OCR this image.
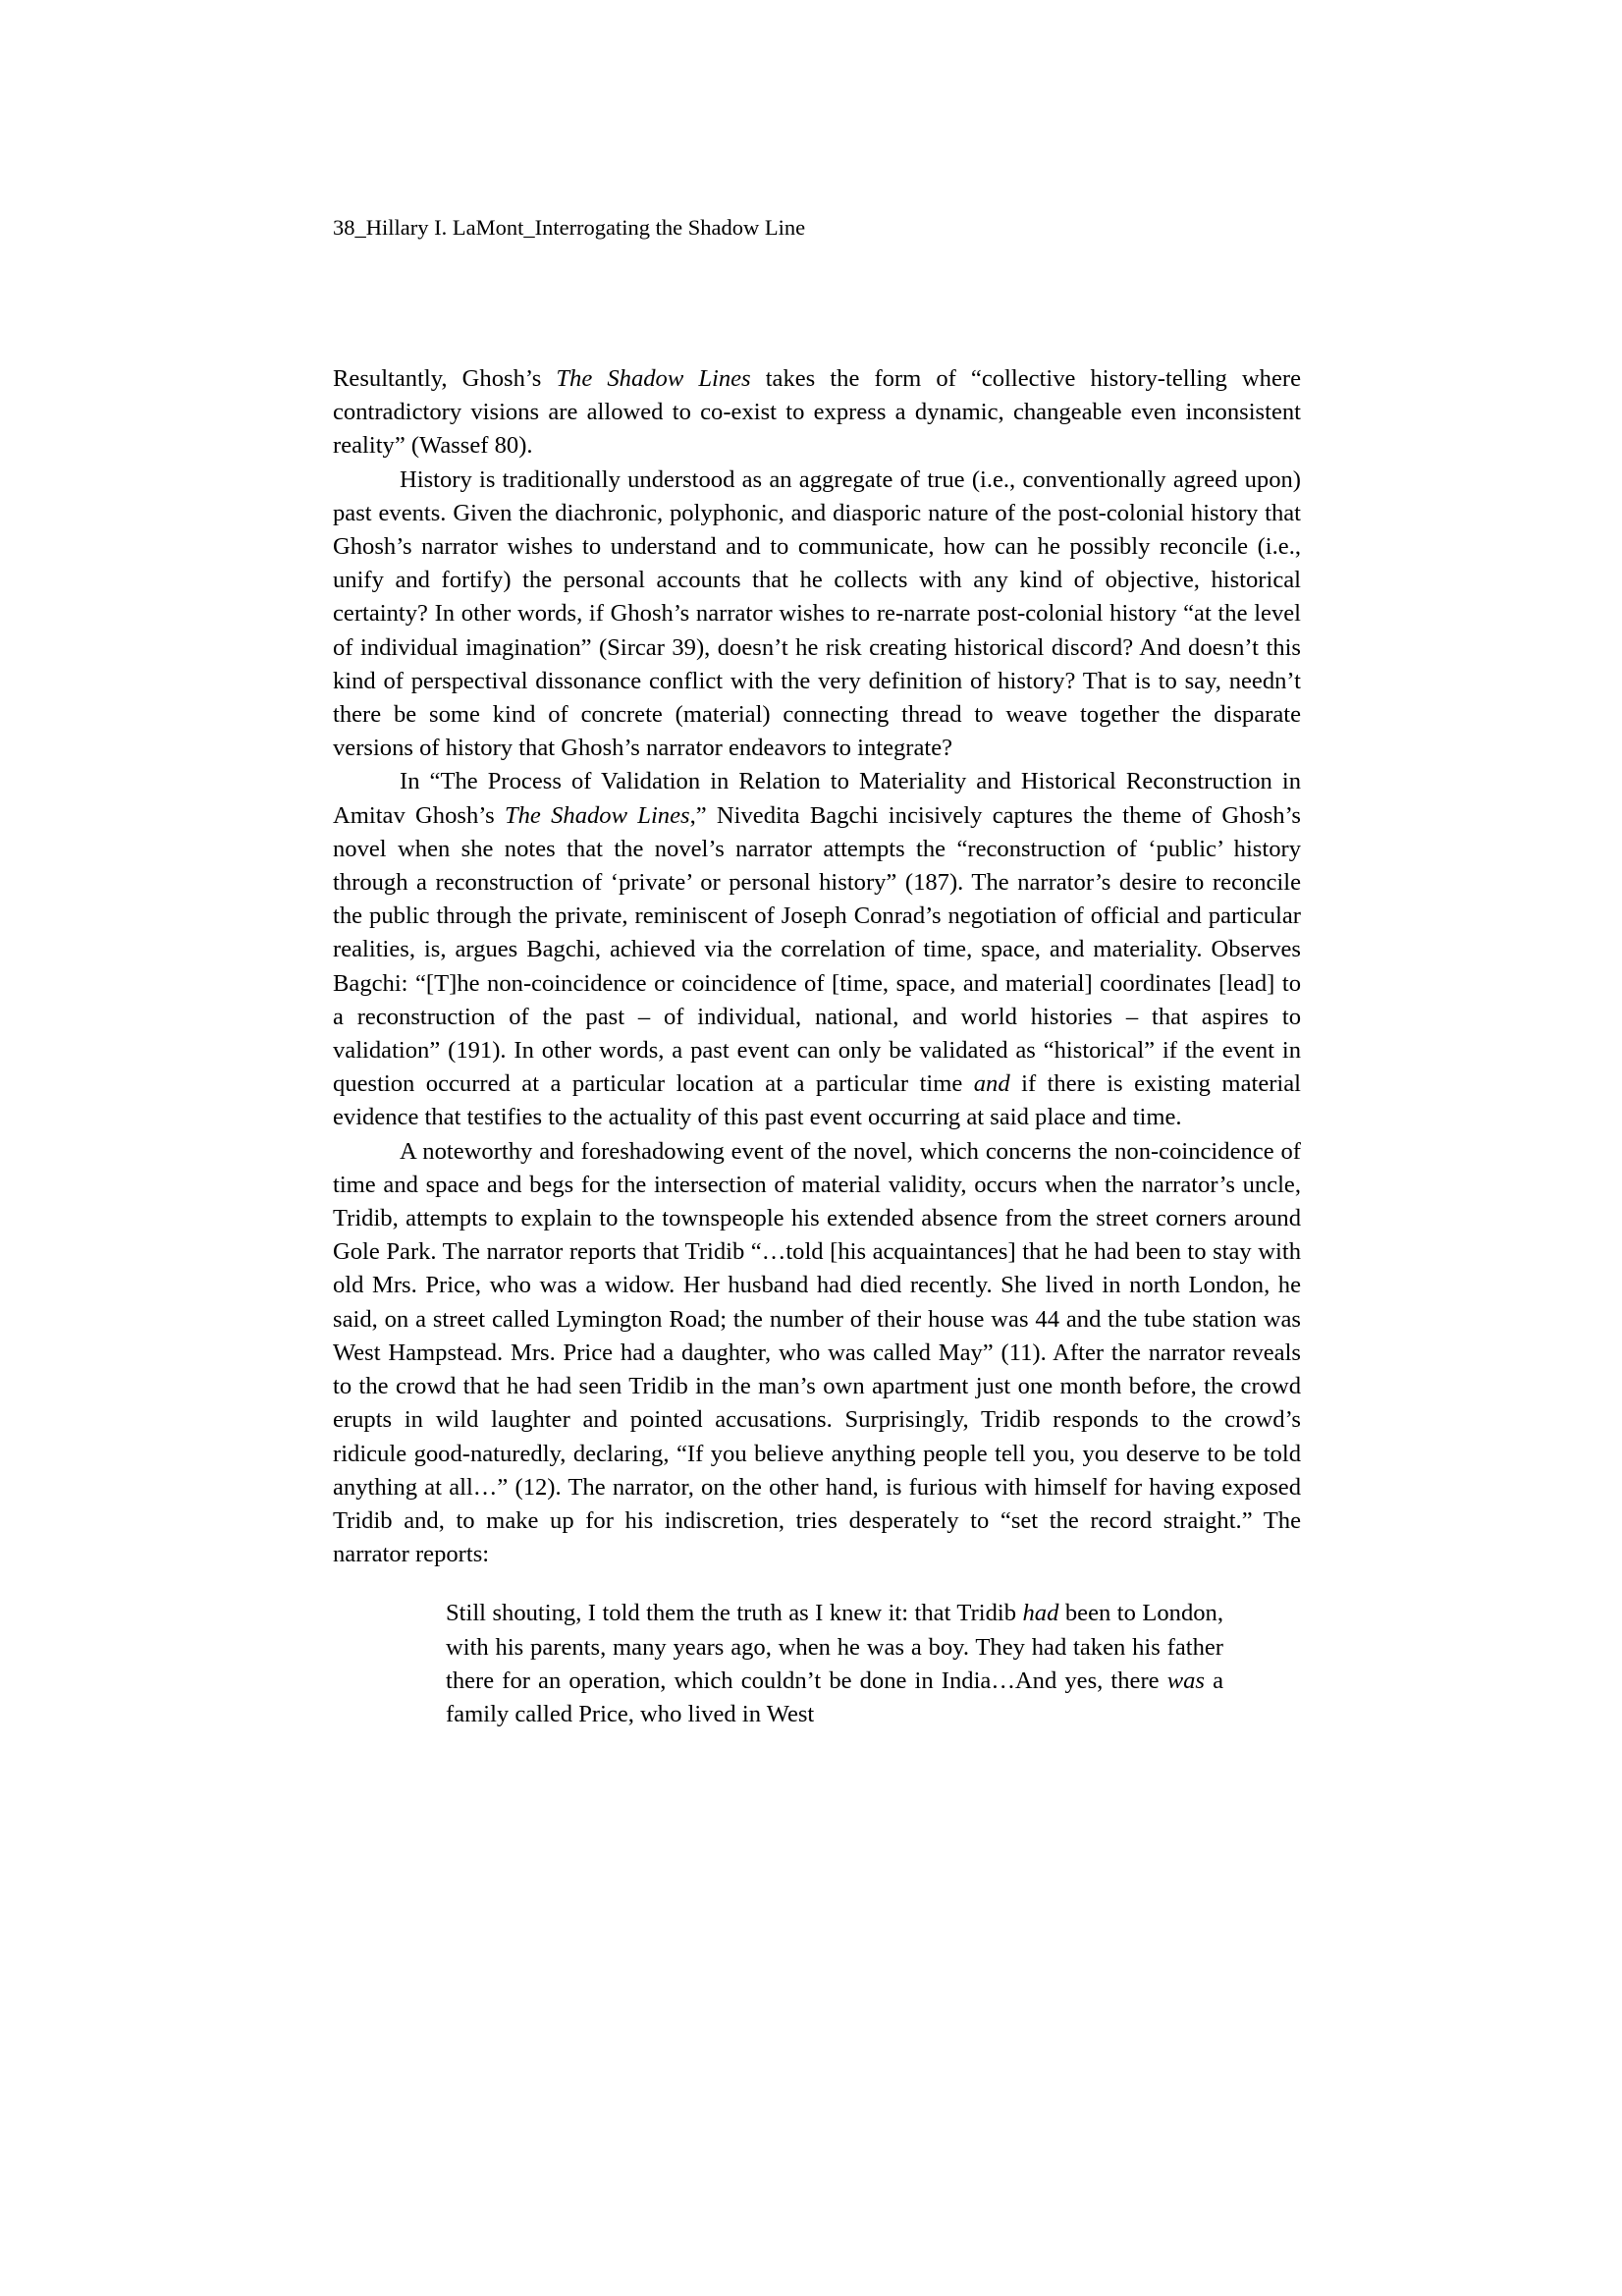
38_Hillary I. LaMont_Interrogating the Shadow Line

Resultantly, Ghosh’s The Shadow Lines takes the form of “collective history-telling where contradictory visions are allowed to co-exist to express a dynamic, changeable even inconsistent reality” (Wassef 80).

History is traditionally understood as an aggregate of true (i.e., conventionally agreed upon) past events. Given the diachronic, polyphonic, and diasporic nature of the post-colonial history that Ghosh’s narrator wishes to understand and to communicate, how can he possibly reconcile (i.e., unify and fortify) the personal accounts that he collects with any kind of objective, historical certainty? In other words, if Ghosh’s narrator wishes to re-narrate post-colonial history “at the level of individual imagination” (Sircar 39), doesn’t he risk creating historical discord? And doesn’t this kind of perspectival dissonance conflict with the very definition of history? That is to say, needn’t there be some kind of concrete (material) connecting thread to weave together the disparate versions of history that Ghosh’s narrator endeavors to integrate?

In “The Process of Validation in Relation to Materiality and Historical Reconstruction in Amitav Ghosh’s The Shadow Lines,” Nivedita Bagchi incisively captures the theme of Ghosh’s novel when she notes that the novel’s narrator attempts the “reconstruction of ‘public’ history through a reconstruction of ‘private’ or personal history” (187). The narrator’s desire to reconcile the public through the private, reminiscent of Joseph Conrad’s negotiation of official and particular realities, is, argues Bagchi, achieved via the correlation of time, space, and materiality. Observes Bagchi: “[T]he non-coincidence or coincidence of [time, space, and material] coordinates [lead] to a reconstruction of the past – of individual, national, and world histories – that aspires to validation” (191). In other words, a past event can only be validated as “historical” if the event in question occurred at a particular location at a particular time and if there is existing material evidence that testifies to the actuality of this past event occurring at said place and time.

A noteworthy and foreshadowing event of the novel, which concerns the non-coincidence of time and space and begs for the intersection of material validity, occurs when the narrator’s uncle, Tridib, attempts to explain to the townspeople his extended absence from the street corners around Gole Park. The narrator reports that Tridib “…told [his acquaintances] that he had been to stay with old Mrs. Price, who was a widow. Her husband had died recently. She lived in north London, he said, on a street called Lymington Road; the number of their house was 44 and the tube station was West Hampstead. Mrs. Price had a daughter, who was called May” (11). After the narrator reveals to the crowd that he had seen Tridib in the man’s own apartment just one month before, the crowd erupts in wild laughter and pointed accusations. Surprisingly, Tridib responds to the crowd’s ridicule good-naturedly, declaring, “If you believe anything people tell you, you deserve to be told anything at all…” (12). The narrator, on the other hand, is furious with himself for having exposed Tridib and, to make up for his indiscretion, tries desperately to “set the record straight.” The narrator reports:

Still shouting, I told them the truth as I knew it: that Tridib had been to London, with his parents, many years ago, when he was a boy. They had taken his father there for an operation, which couldn’t be done in India…And yes, there was a family called Price, who lived in West
